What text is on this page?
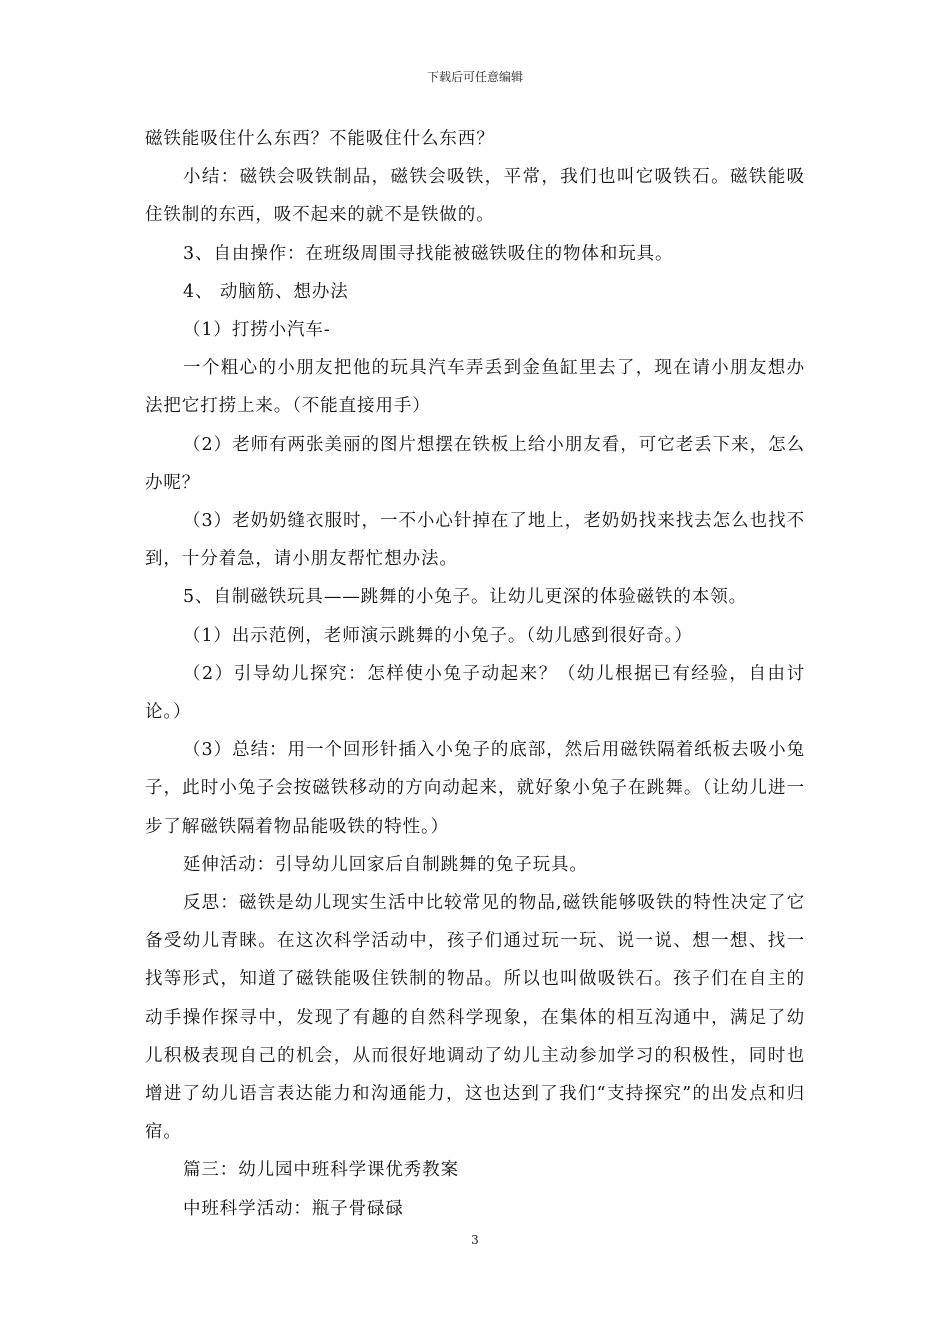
下载后可任意编辑

磁铁能吸住什么东西？不能吸住什么东西？

小结：磁铁会吸铁制品，磁铁会吸铁，平常，我们也叫它吸铁石。磁铁能吸住铁制的东西，吸不起来的就不是铁做的。

3、自由操作：在班级周围寻找能被磁铁吸住的物体和玩具。

4、 动脑筋、想办法

（1）打捞小汽车-

一个粗心的小朋友把他的玩具汽车弄丢到金鱼缸里去了，现在请小朋友想办法把它打捞上来。（不能直接用手）

（2）老师有两张美丽的图片想摆在铁板上给小朋友看，可它老丢下来，怎么办呢？

（3）老奶奶缝衣服时，一不小心针掉在了地上，老奶奶找来找去怎么也找不到，十分着急，请小朋友帮忙想办法。

5、自制磁铁玩具——跳舞的小兔子。让幼儿更深的体验磁铁的本领。

（1）出示范例，老师演示跳舞的小兔子。（幼儿感到很好奇。）

（2）引导幼儿探究：怎样使小兔子动起来？（幼儿根据已有经验，自由讨论。）

（3）总结：用一个回形针插入小兔子的底部，然后用磁铁隔着纸板去吸小兔子，此时小兔子会按磁铁移动的方向动起来，就好象小兔子在跳舞。（让幼儿进一步了解磁铁隔着物品能吸铁的特性。）

延伸活动：引导幼儿回家后自制跳舞的兔子玩具。

反思：磁铁是幼儿现实生活中比较常见的物品,磁铁能够吸铁的特性决定了它备受幼儿青睐。在这次科学活动中，孩子们通过玩一玩、说一说、想一想、找一找等形式，知道了磁铁能吸住铁制的物品。所以也叫做吸铁石。孩子们在自主的动手操作探寻中，发现了有趣的自然科学现象，在集体的相互沟通中，满足了幼儿积极表现自己的机会，从而很好地调动了幼儿主动参加学习的积极性，同时也增进了幼儿语言表达能力和沟通能力，这也达到了我们“支持探究”的出发点和归宿。

篇三：幼儿园中班科学课优秀教案

中班科学活动：瓶子骨碌碌

3
